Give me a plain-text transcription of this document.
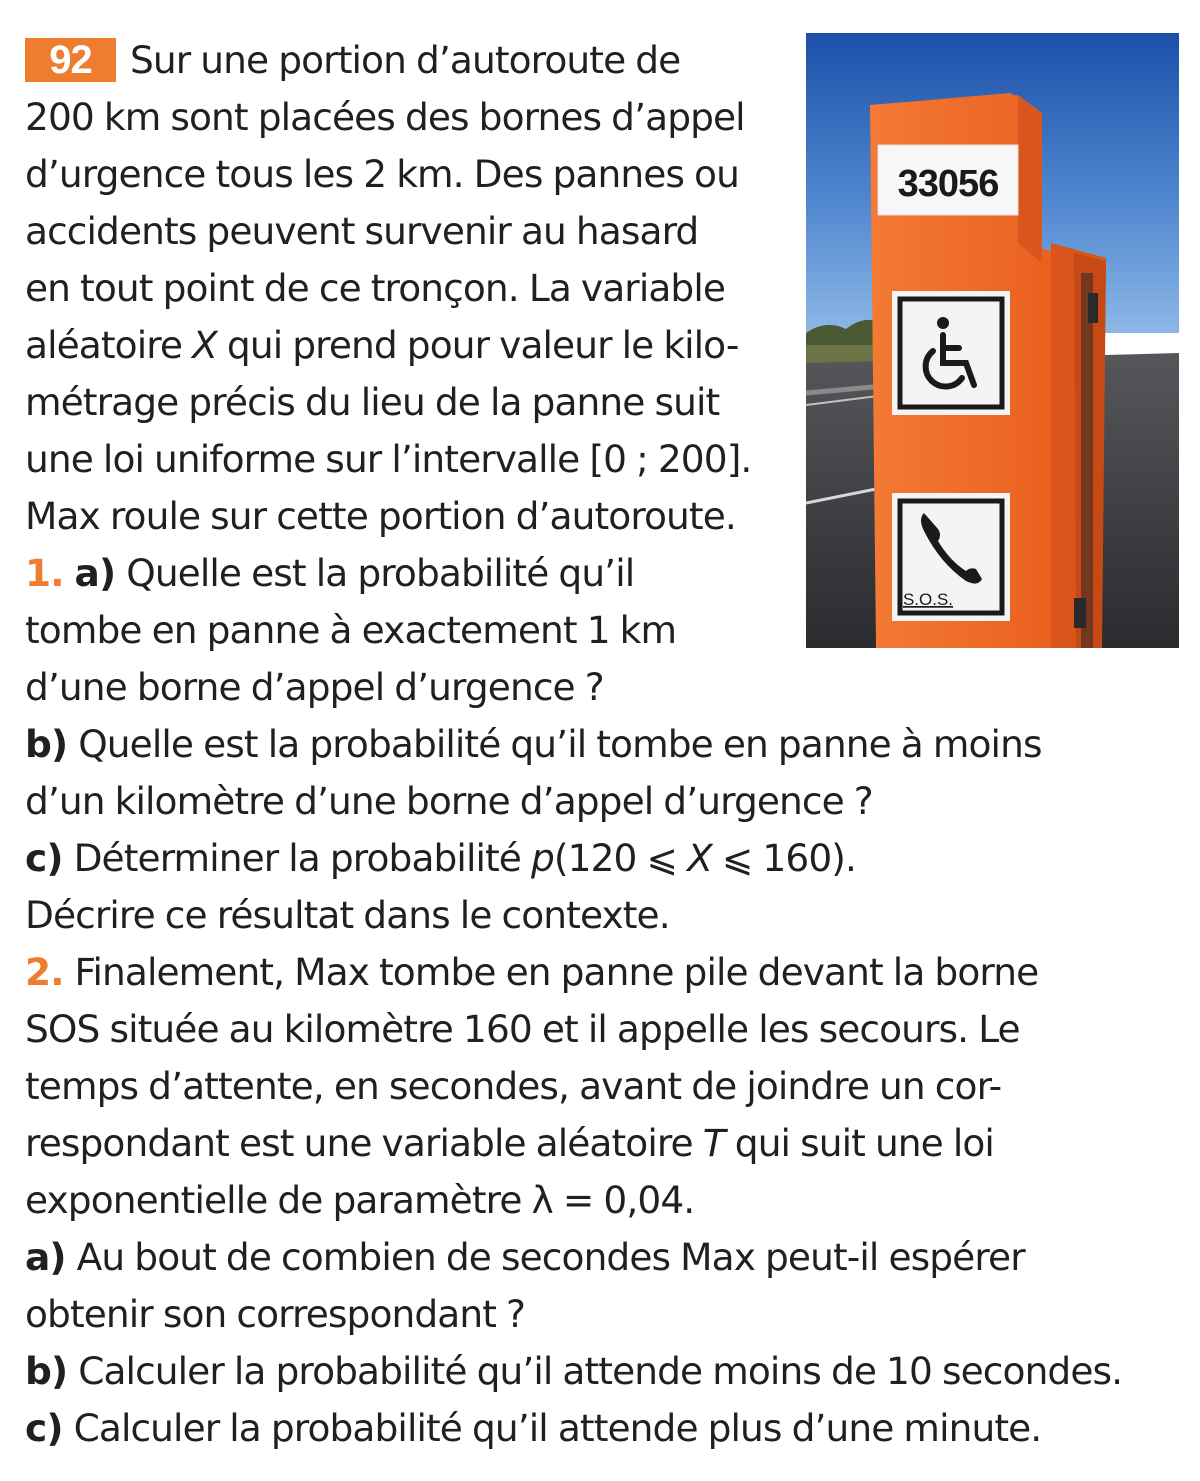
92	Sur une portion d’autoroute de
200 km sont placées des bornes d’appel
d’urgence tous les 2 km. Des pannes ou
accidents peuvent survenir au hasard
en tout point de ce tronçon. La variable
aléatoire X qui prend pour valeur le kilo-
métrage précis du lieu de la panne suit
une loi uniforme sur l’intervalle [0 ; 200].
Max roule sur cette portion d’autoroute.
1. a) Quelle est la probabilité qu’il
tombe en panne à exactement 1 km
d’une borne d’appel d’urgence ?
b) Quelle est la probabilité qu’il tombe en panne à moins
d’un kilomètre d’une borne d’appel d’urgence ?
c) Déterminer la probabilité p(120 ⩽ X ⩽ 160).
Décrire ce résultat dans le contexte.
2. Finalement, Max tombe en panne pile devant la borne
SOS située au kilomètre 160 et il appelle les secours. Le
temps d’attente, en secondes, avant de joindre un cor-
respondant est une variable aléatoire T qui suit une loi
exponentielle de paramètre λ = 0,04.
a) Au bout de combien de secondes Max peut-il espérer
obtenir son correspondant ?
b) Calculer la probabilité qu’il attende moins de 10 secondes.
c) Calculer la probabilité qu’il attende plus d’une minute.
33056
S.O.S.
